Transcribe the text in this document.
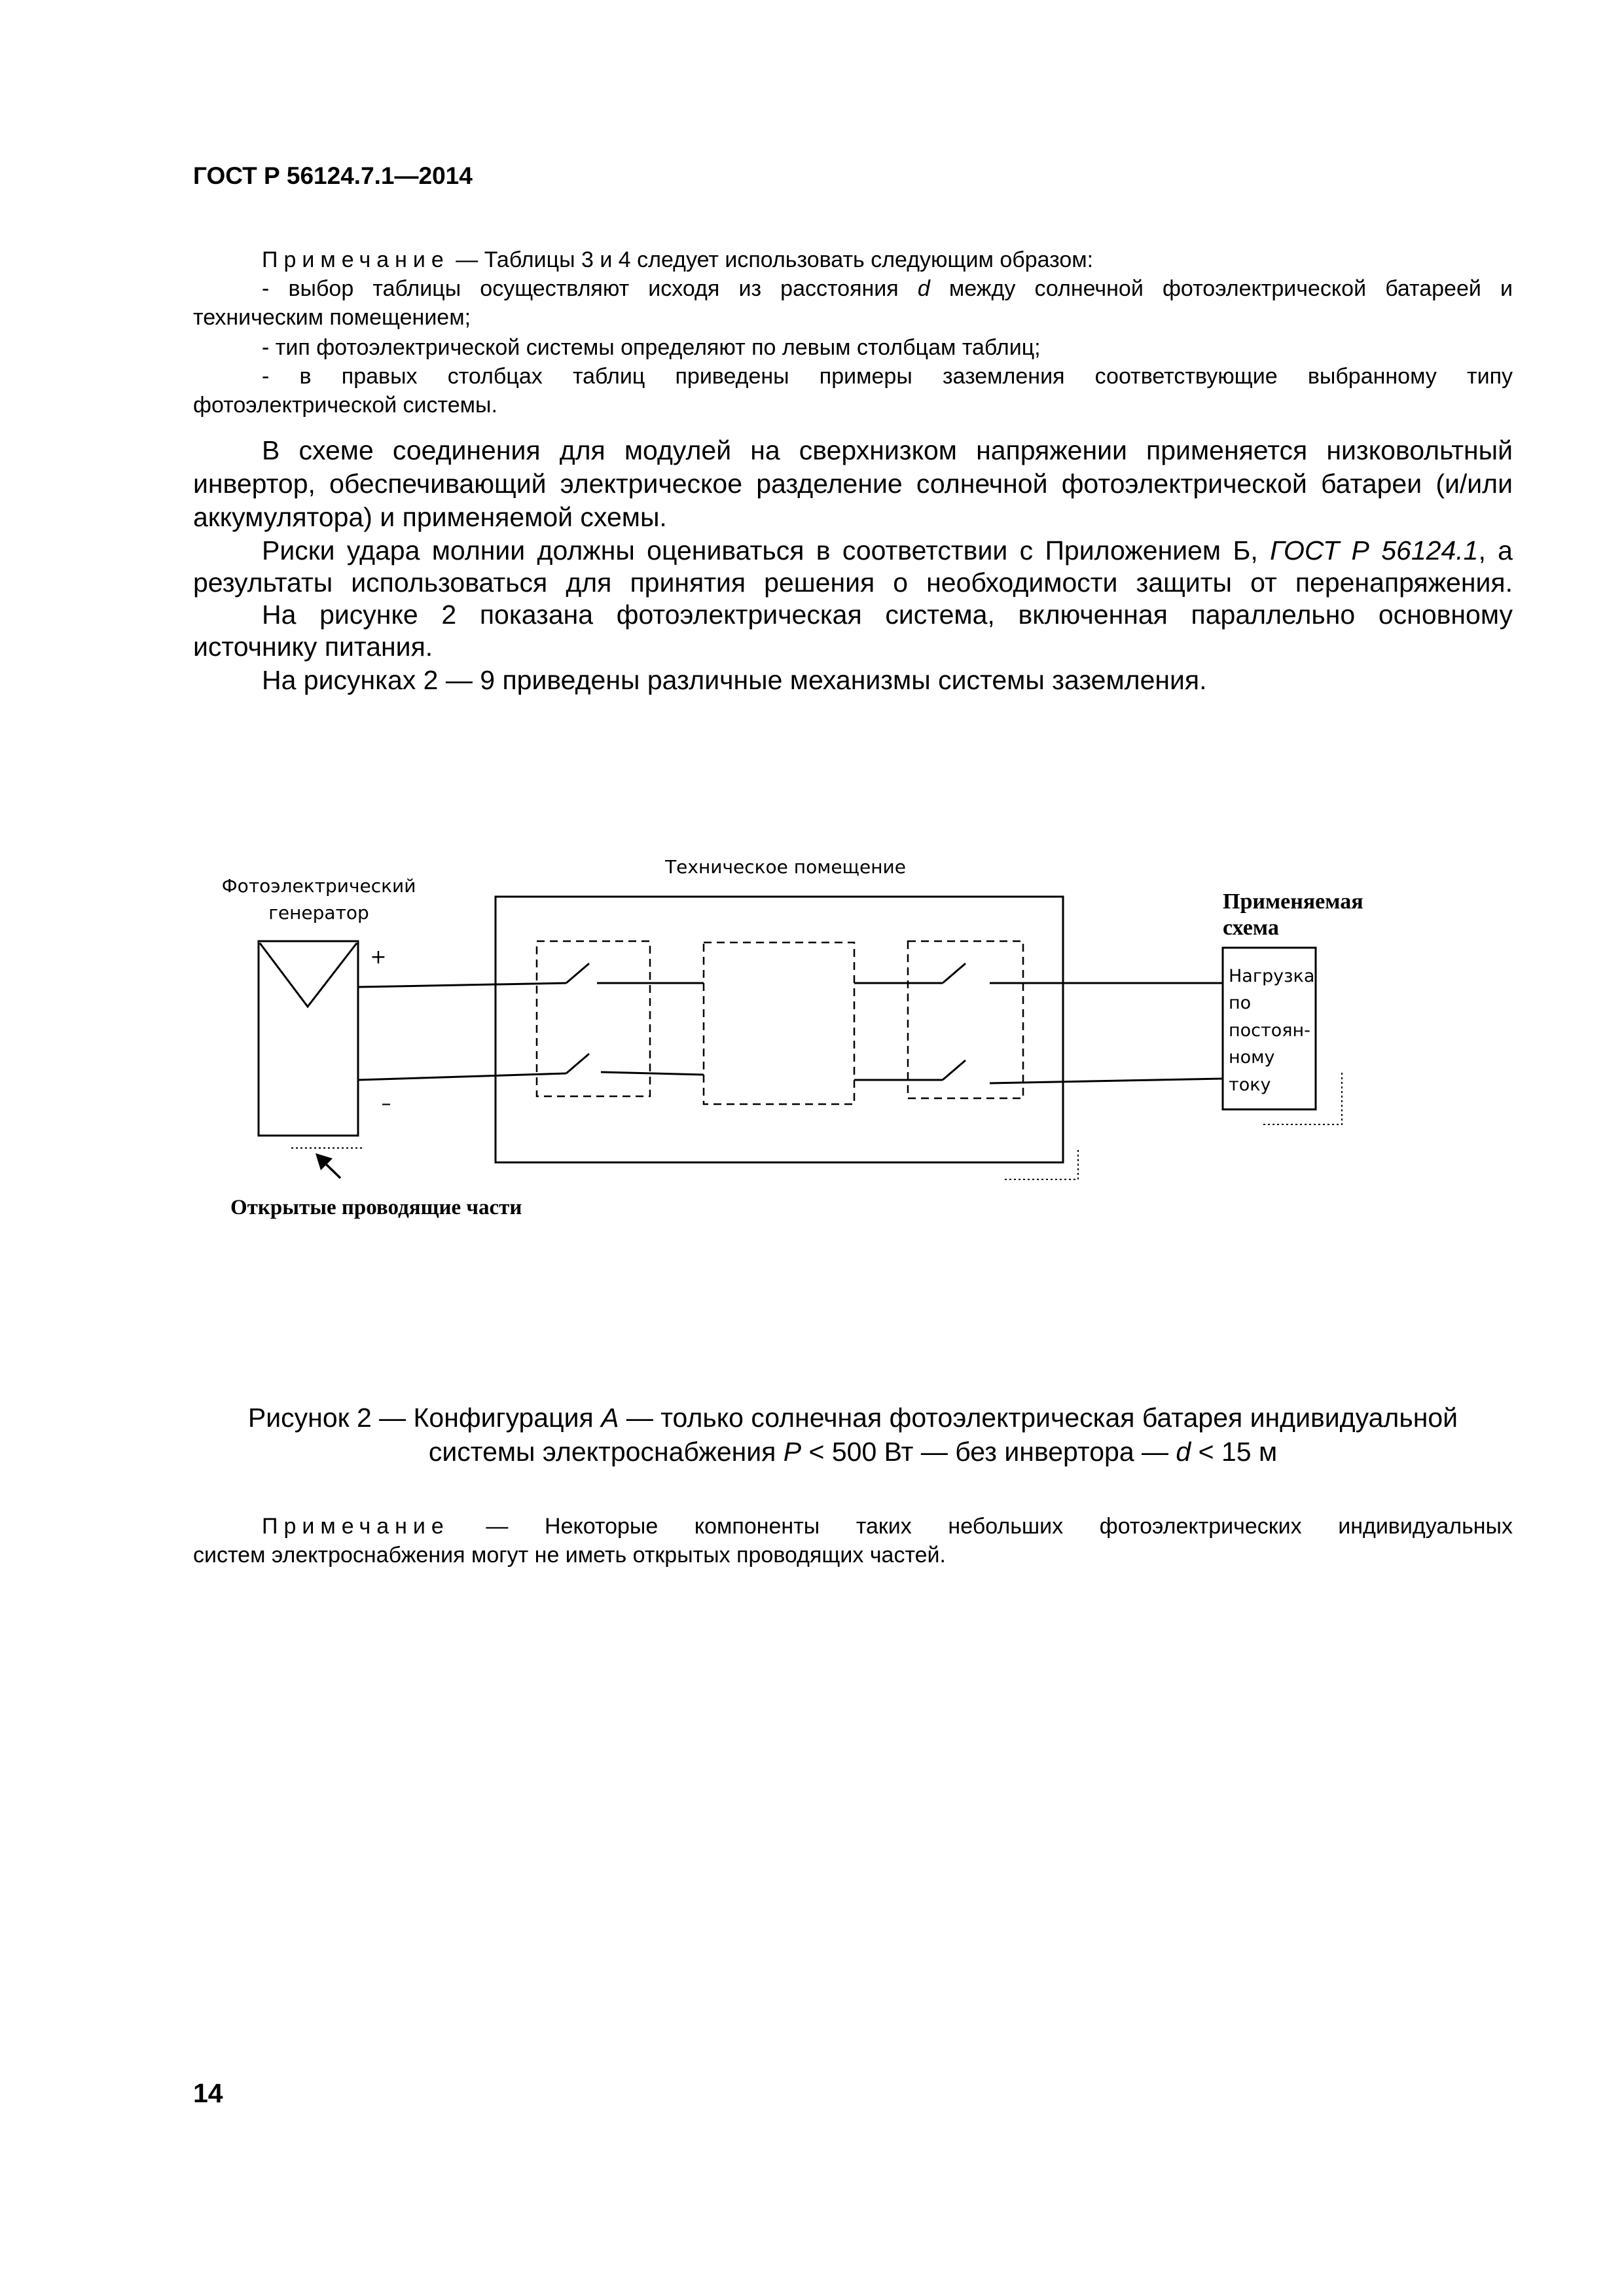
ГОСТ Р 56124.7.1—2014
Примечание — Таблицы 3 и 4 следует использовать следующим образом:
- выбор таблицы осуществляют исходя из расстояния d между солнечной фотоэлектрической батареей и
техническим помещением;
- тип фотоэлектрической системы определяют по левым столбцам таблиц;
- в правых столбцах таблиц приведены примеры заземления соответствующие выбранному типу
фотоэлектрической системы.
В схеме соединения для модулей на сверхнизком напряжении применяется низковольтный
инвертор, обеспечивающий электрическое разделение солнечной фотоэлектрической батареи (и/или
аккумулятора) и применяемой схемы.
Риски удара молнии должны оцениваться в соответствии с Приложением Б, ГОСТ Р 56124.1, а
результаты использоваться для принятия решения о необходимости защиты от перенапряжения.
На рисунке 2 показана фотоэлектрическая система, включенная параллельно основному
источнику питания.
На рисунках 2 — 9 приведены различные механизмы системы заземления.
Фотоэлектрический
генератор
Техническое помещение
+
–
Применяемая
схема
Нагрузка
по
постоян-
ному
току
Открытые проводящие части
Рисунок 2 — Конфигурация А — только солнечная фотоэлектрическая батарея индивидуальной
системы электроснабжения Р < 500 Вт — без инвертора — d < 15 м
Примечание — Некоторые компоненты таких небольших фотоэлектрических индивидуальных
систем электроснабжения могут не иметь открытых проводящих частей.
14
